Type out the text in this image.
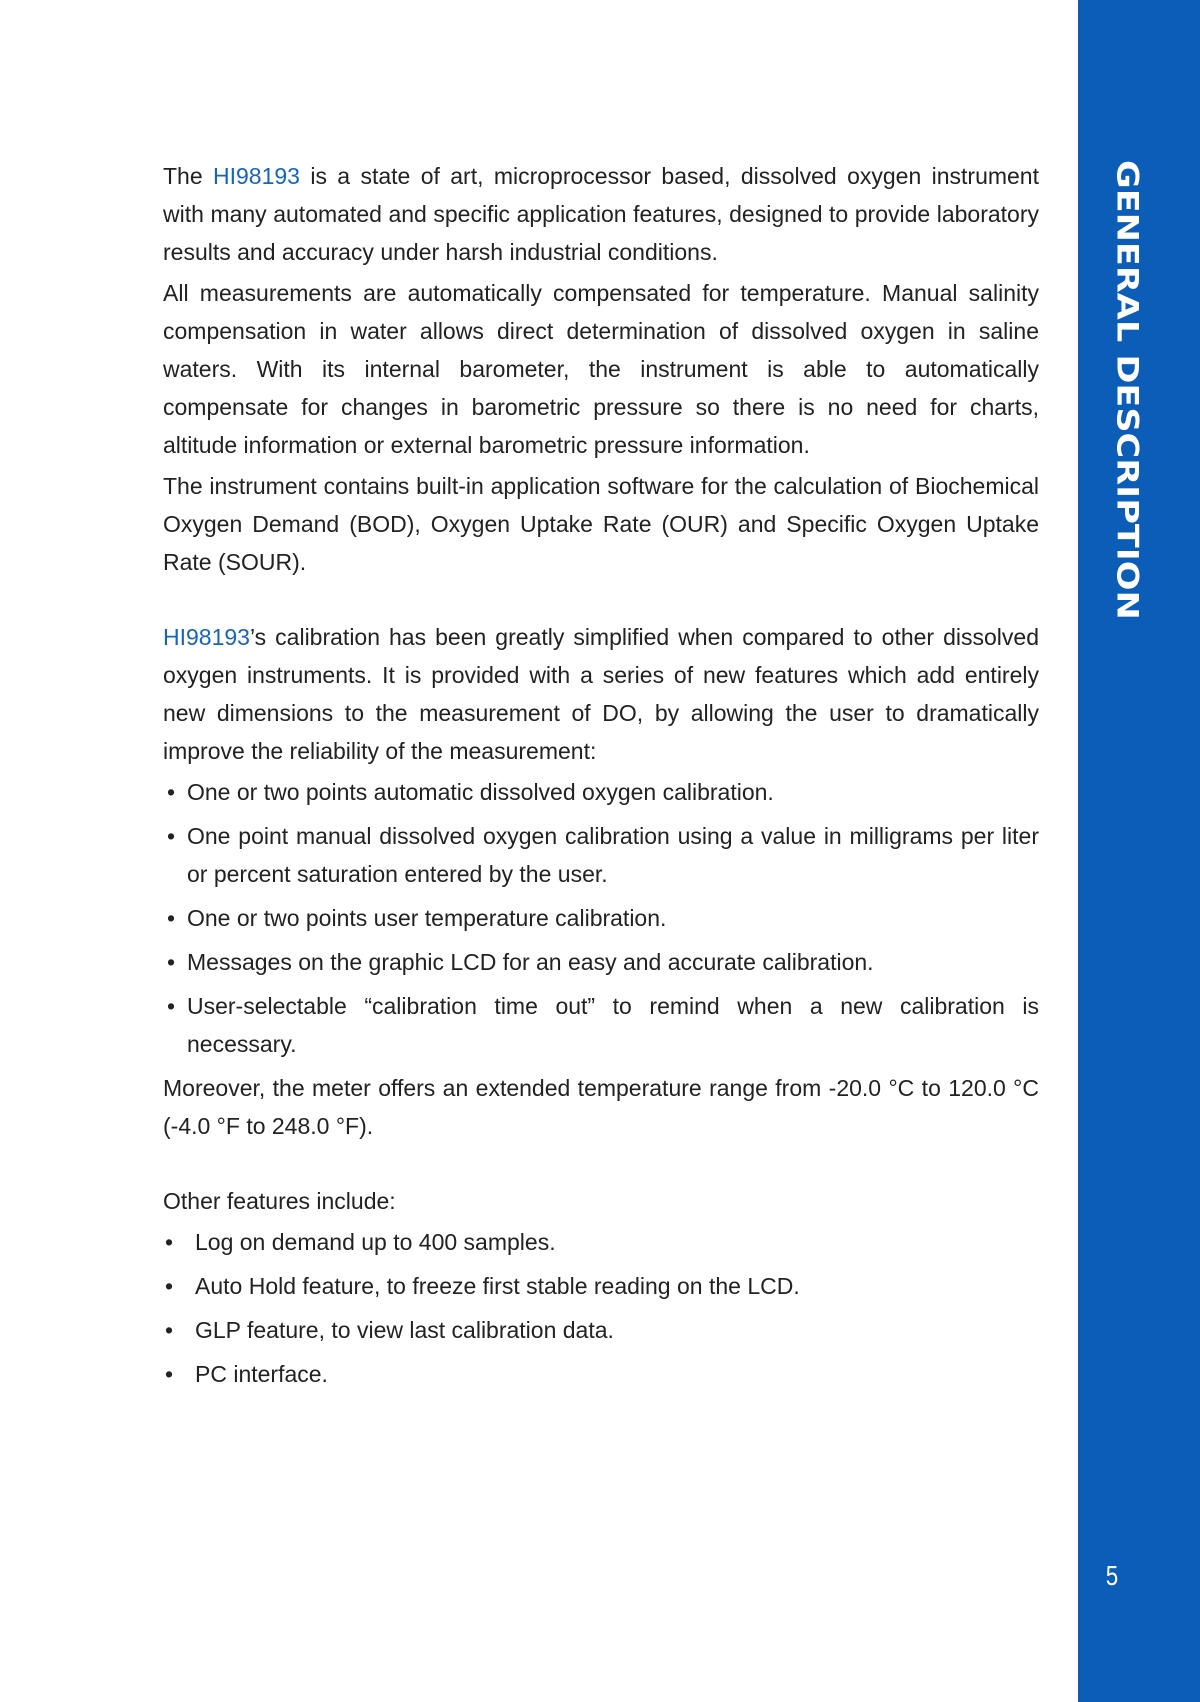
GENERAL DESCRIPTION
5

The HI98193 is a state of art, microprocessor based, dissolved oxygen instrument with many automated and specific application features, designed to provide laboratory results and accuracy under harsh industrial conditions.

All measurements are automatically compensated for temperature. Manual salinity compensation in water allows direct determination of dissolved oxygen in saline waters. With its internal barometer, the instrument is able to automatically compensate for changes in barometric pressure so there is no need for charts, altitude information or external barometric pressure information.

The instrument contains built-in application software for the calculation of Biochemical Oxygen Demand (BOD), Oxygen Uptake Rate (OUR) and Specific Oxygen Uptake Rate (SOUR).

HI98193’s calibration has been greatly simplified when compared to other dissolved oxygen instruments. It is provided with a series of new features which add entirely new dimensions to the measurement of DO, by allowing the user to dramatically improve the reliability of the measurement:

• One or two points automatic dissolved oxygen calibration.
• One point manual dissolved oxygen calibration using a value in milligrams per liter or percent saturation entered by the user.
• One or two points user temperature calibration.
• Messages on the graphic LCD for an easy and accurate calibration.
• User-selectable “calibration time out” to remind when a new calibration is necessary.

Moreover, the meter offers an extended temperature range from -20.0 °C to 120.0 °C (-4.0 °F to 248.0 °F).

Other features include:

• Log on demand up to 400 samples.
• Auto Hold feature, to freeze first stable reading on the LCD.
• GLP feature, to view last calibration data.
• PC interface.
